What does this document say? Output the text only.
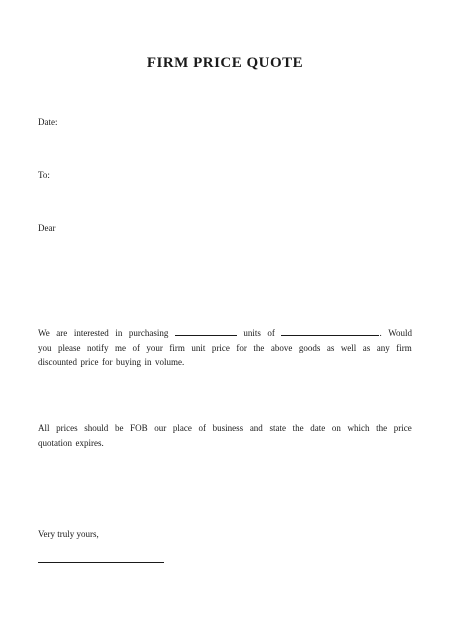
FIRM PRICE QUOTE
Date:
To:
Dear
We are interested in purchasing	units of	. Would
you please notify me of your firm unit price for the above goods as well as any firm
discounted price for buying in volume.
All prices should be FOB our place of business and state the date on which the price
quotation expires.
Very truly yours,
